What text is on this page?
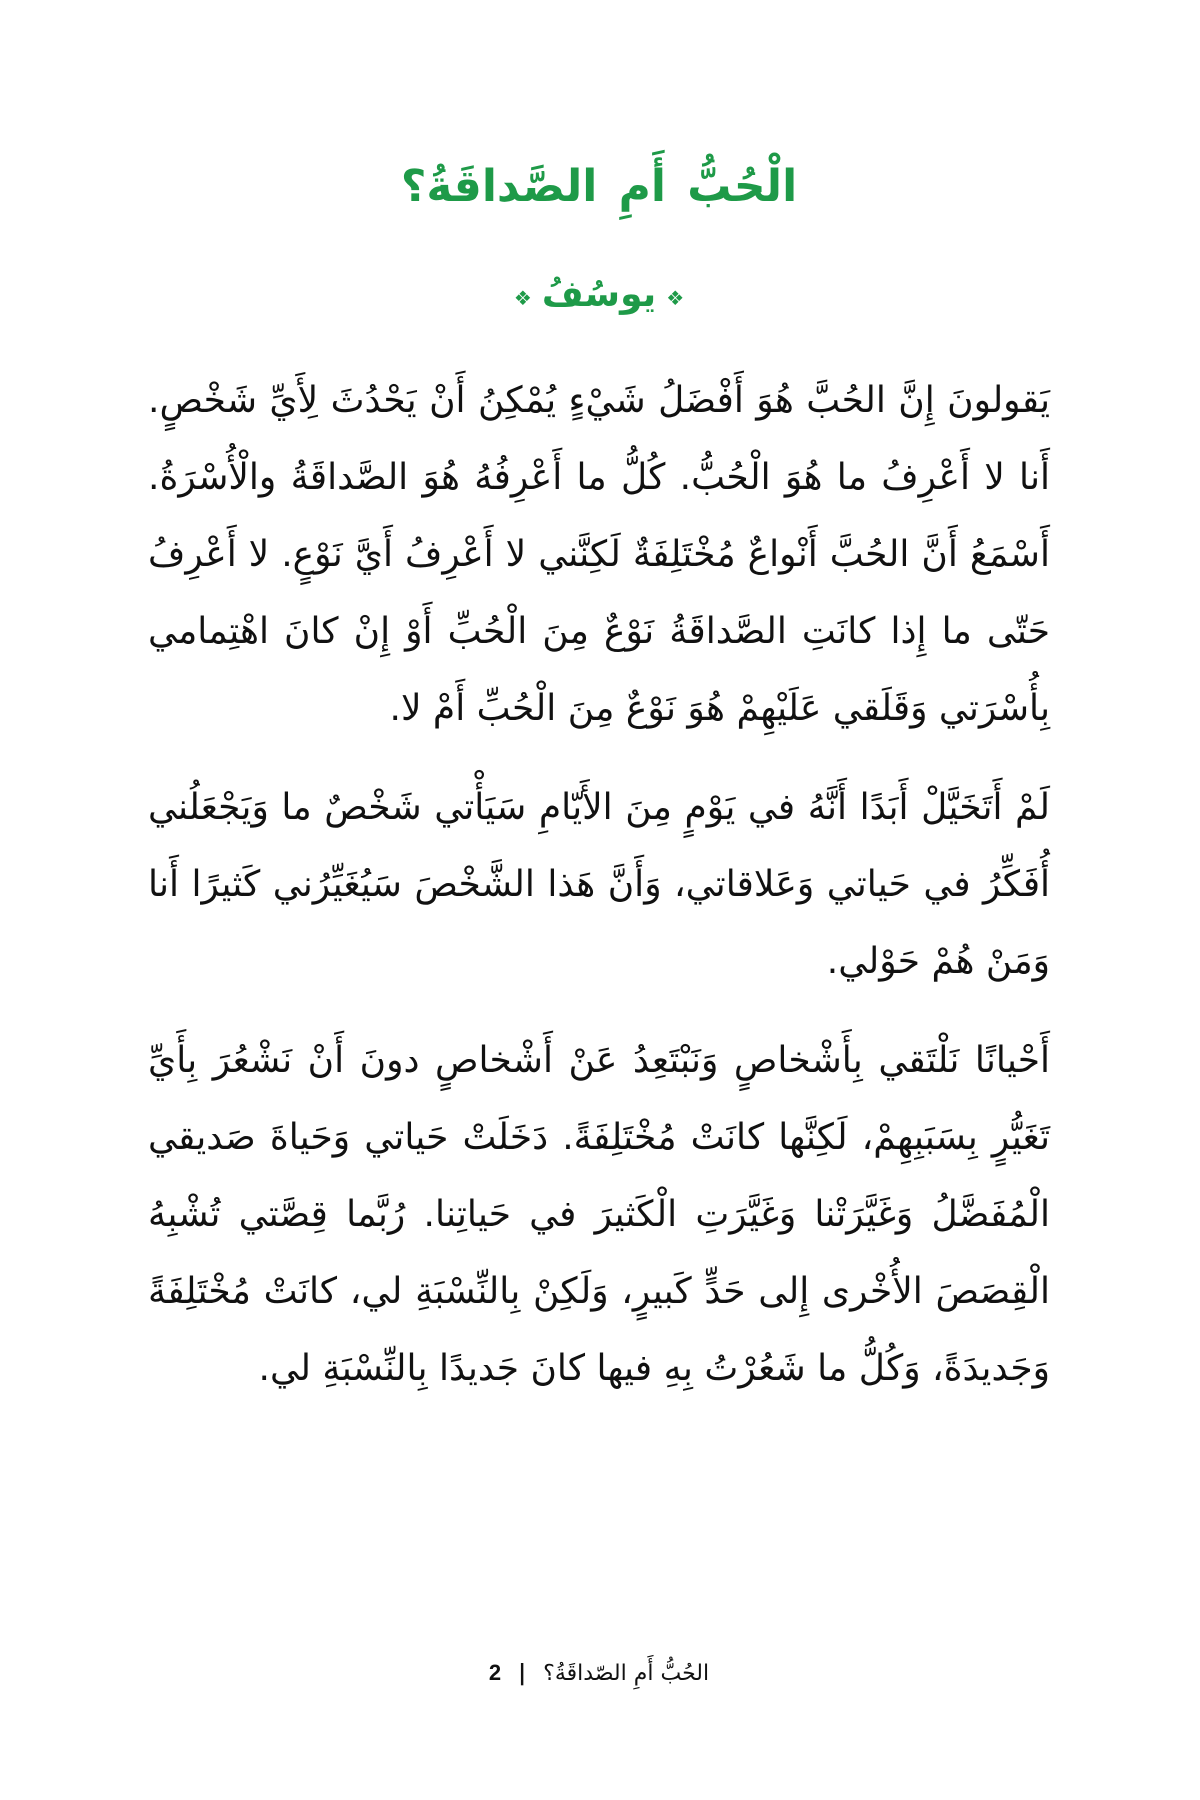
الْحُبُّ أَمِ الصَّداقَةُ؟
❖يوسُفُ❖

يقولون إن الحب هو أفضل شيء يمكن أن يحدث لي شخص. أنا لا أعرف ما هو الحب. كل ما أعرفه هو الصداقة والسرة. أسمع أن الحب أنواع مختلفة لكنني لا أعرف أي نوع. لا أعرف حتى ما إذا كانت الصداقة نوع من الحب أو إن كان اهتمامي بأسرتي وقلقي عليهم هو نوع من الحب أم لا.

لم أتخيل أبدا أنه في يوم من الأيام سيأتي شخص ما ويجعلني أفكر في حياتي وعلاقاتي، وأن هذا الشخص سيغيرني كثيرا أنا ومن هم حولي.

أحيانا نلتقي بأشخاص ونبتعد عن أشخاص دون أن نشعر بأي تغير بسببهم، لكنها كانت مختلفة. دخلت حياتي وحياة صديقي المفضل وغيرتنا وغيرت الكثير في حياتنا. ربما قصتي تشبه القصص الأخرى إلى حد كبير، ولكن بالنسبة لي، كانت مختلفة وجديدة، وكل ما شعرت به فيها كان جديدا بالنسبة لي.

الحب أم الصداقة؟ | 2
